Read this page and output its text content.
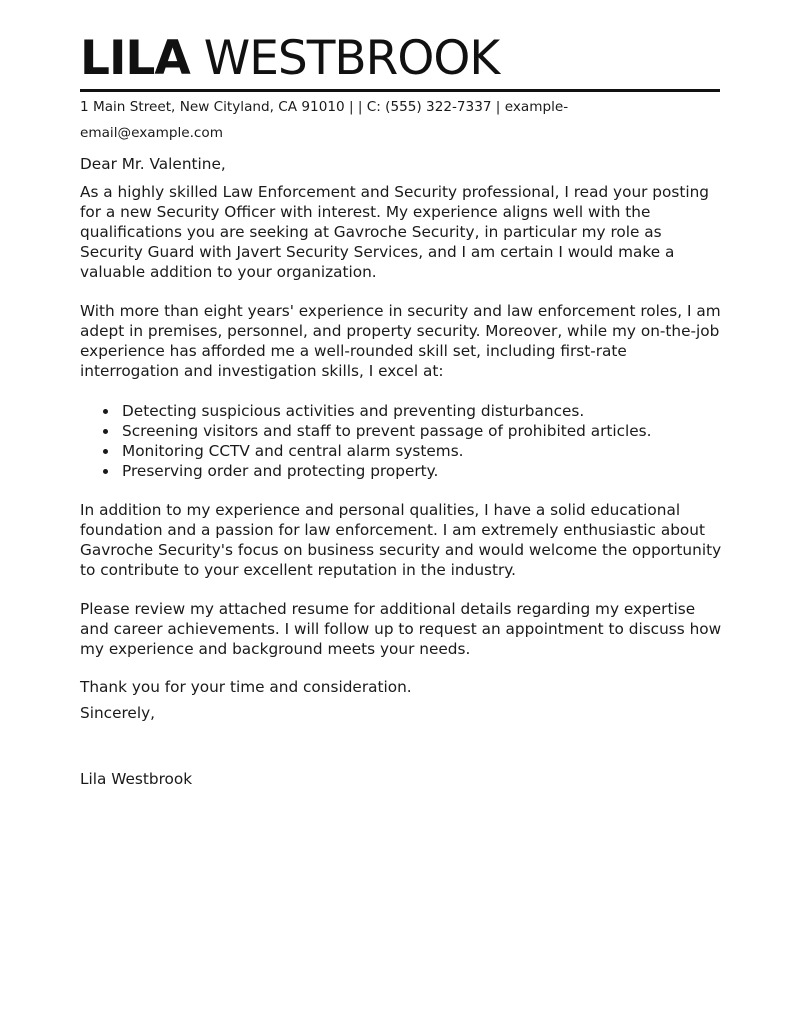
LILA WESTBROOK
1 Main Street, New Cityland, CA 91010 | | C: (555) 322-7337 | example-email@example.com

Dear Mr. Valentine,

As a highly skilled Law Enforcement and Security professional, I read your posting for a new Security Officer with interest. My experience aligns well with the qualifications you are seeking at Gavroche Security, in particular my role as Security Guard with Javert Security Services, and I am certain I would make a valuable addition to your organization.

With more than eight years' experience in security and law enforcement roles, I am adept in premises, personnel, and property security. Moreover, while my on-the-job experience has afforded me a well-rounded skill set, including first-rate interrogation and investigation skills, I excel at:

Detecting suspicious activities and preventing disturbances.
Screening visitors and staff to prevent passage of prohibited articles.
Monitoring CCTV and central alarm systems.
Preserving order and protecting property.

In addition to my experience and personal qualities, I have a solid educational foundation and a passion for law enforcement. I am extremely enthusiastic about Gavroche Security's focus on business security and would welcome the opportunity to contribute to your excellent reputation in the industry.

Please review my attached resume for additional details regarding my expertise and career achievements. I will follow up to request an appointment to discuss how my experience and background meets your needs.

Thank you for your time and consideration.

Sincerely,

Lila Westbrook
